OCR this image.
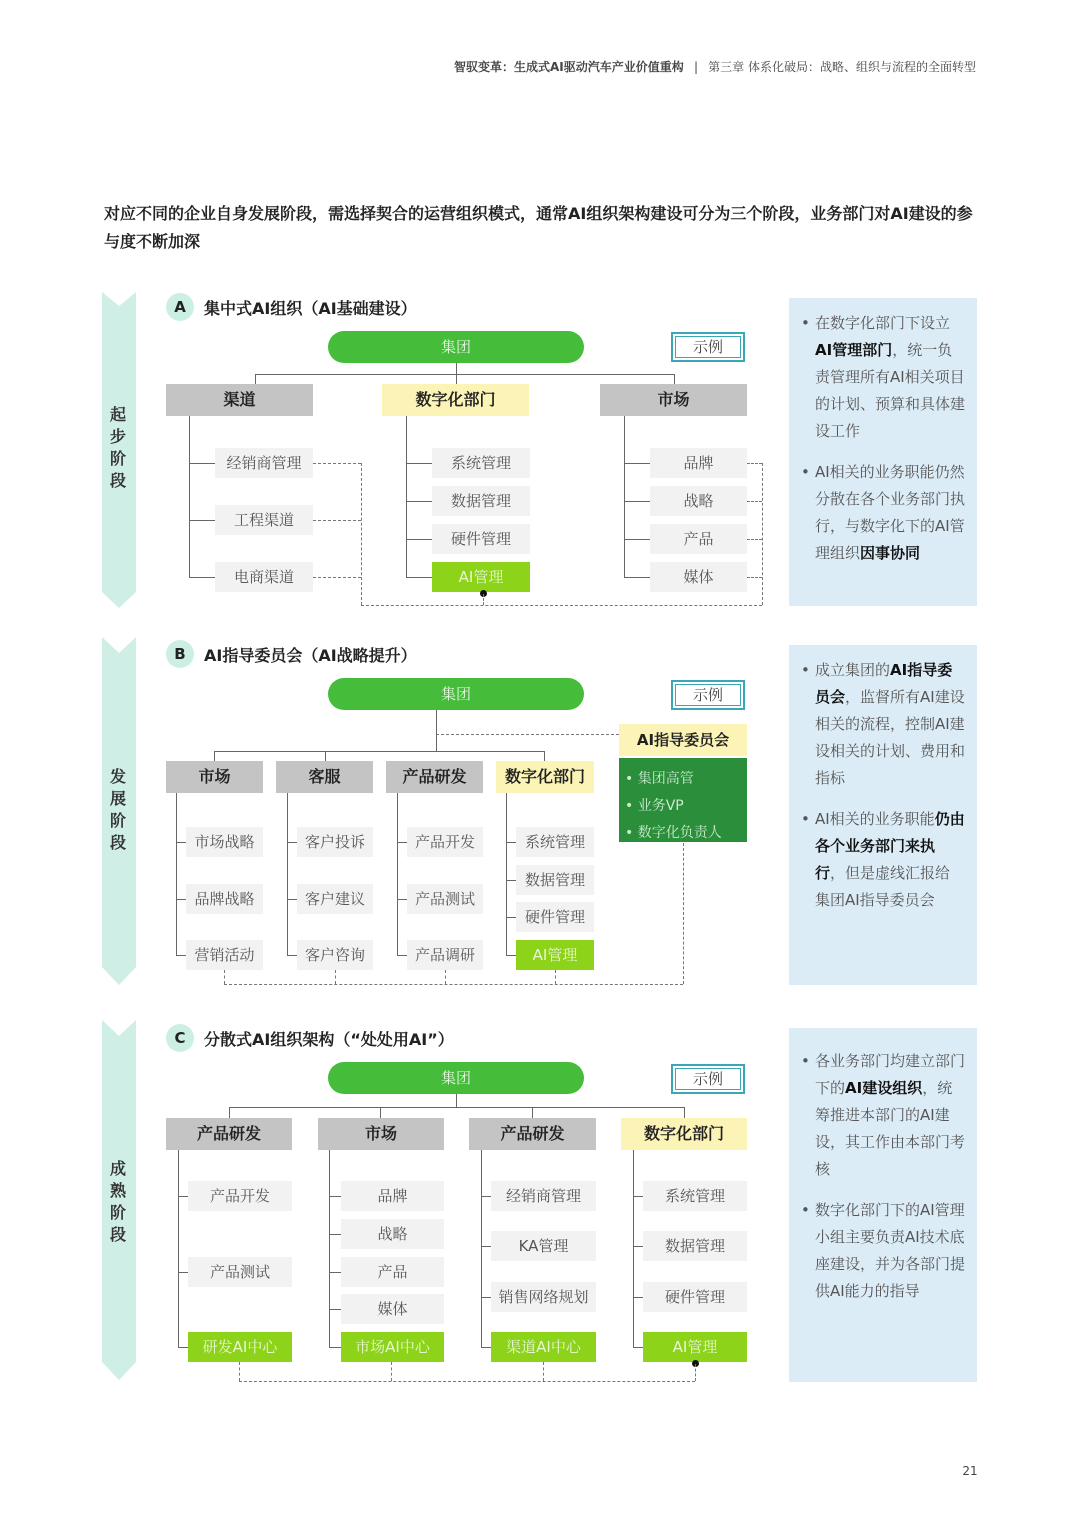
智驭变革：生成式AI驱动汽车产业价值重构 | 第三章 体系化破局：战略、组织与流程的全面转型
对应不同的企业自身发展阶段，需选择契合的运营组织模式，通常AI组织架构建设可分为三个阶段，业务部门对AI建设的参与度不断加深
起步阶段
发展阶段
成熟阶段
A	集中式AI组织（AI基础建设）
集团	示例
渠道	数字化部门	市场
经销商管理
工程渠道
电商渠道
系统管理
数据管理
硬件管理
AI管理
品牌
战略
产品
媒体
• 在数字化部门下设立AI管理部门，统一负责管理所有AI相关项目的计划、预算和具体建设工作
• AI相关的业务职能仍然分散在各个业务部门执行，与数字化下的AI管理组织因事协同
B	AI指导委员会（AI战略提升）
集团	示例
市场	客服	产品研发	数字化部门
市场战略
品牌战略
营销活动
客户投诉
客户建议
客户咨询
产品开发
产品测试
产品调研
系统管理
数据管理
硬件管理
AI管理
AI指导委员会
• 集团高管
• 业务VP
• 数字化负责人
• 成立集团的AI指导委员会，监督所有AI建设相关的流程，控制AI建设相关的计划、费用和指标
• AI相关的业务职能仍由各个业务部门来执行，但是虚线汇报给集团AI指导委员会
C	分散式AI组织架构（“处处用AI”）
集团	示例
产品研发	市场	产品研发	数字化部门
产品开发
产品测试
研发AI中心
品牌
战略
产品
媒体
市场AI中心
经销商管理
KA管理
销售网络规划
渠道AI中心
系统管理
数据管理
硬件管理
AI管理
• 各业务部门均建立部门下的AI建设组织，统筹推进本部门的AI建设，其工作由本部门考核
• 数字化部门下的AI管理小组主要负责AI技术底座建设，并为各部门提供AI能力的指导
21
